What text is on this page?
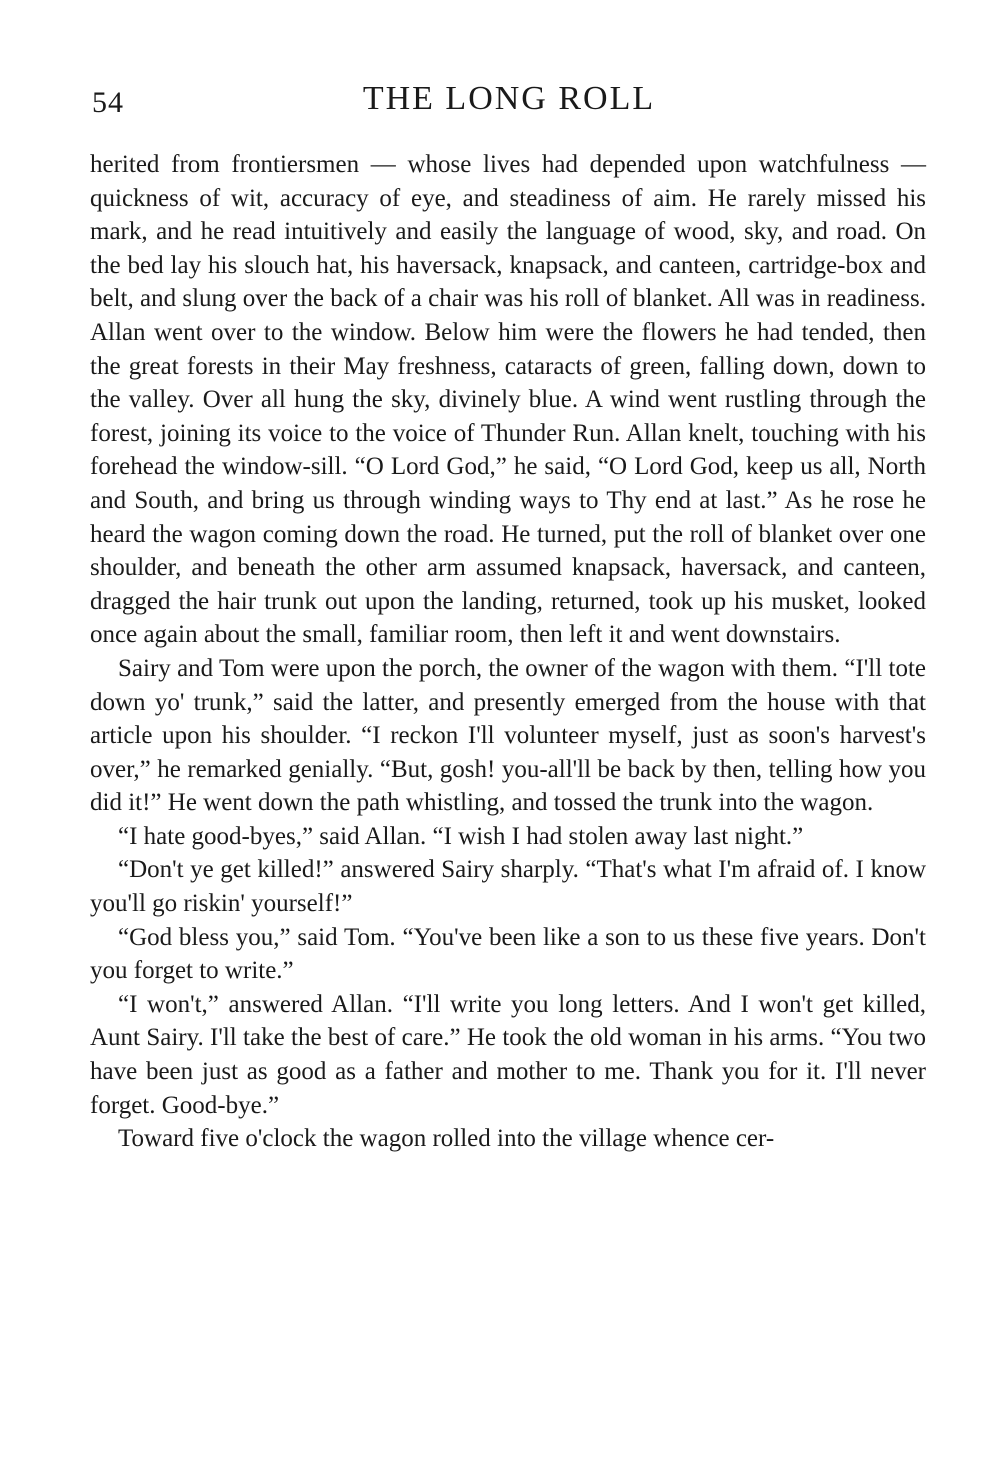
54	THE LONG ROLL

herited from frontiersmen — whose lives had depended upon watchfulness — quickness of wit, accuracy of eye, and steadiness of aim. He rarely missed his mark, and he read intuitively and easily the language of wood, sky, and road. On the bed lay his slouch hat, his haversack, knapsack, and canteen, cartridge-box and belt, and slung over the back of a chair was his roll of blanket. All was in readiness. Allan went over to the window. Below him were the flowers he had tended, then the great forests in their May freshness, cataracts of green, falling down, down to the valley. Over all hung the sky, divinely blue. A wind went rustling through the forest, joining its voice to the voice of Thunder Run. Allan knelt, touching with his forehead the window-sill. “O Lord God,” he said, “O Lord God, keep us all, North and South, and bring us through winding ways to Thy end at last.” As he rose he heard the wagon coming down the road. He turned, put the roll of blanket over one shoulder, and beneath the other arm assumed knapsack, haversack, and canteen, dragged the hair trunk out upon the landing, returned, took up his musket, looked once again about the small, familiar room, then left it and went downstairs.

Sairy and Tom were upon the porch, the owner of the wagon with them. “I'll tote down yo' trunk,” said the latter, and presently emerged from the house with that article upon his shoulder. “I reckon I'll volunteer myself, just as soon's harvest's over,” he remarked genially. “But, gosh! you-all'll be back by then, telling how you did it!” He went down the path whistling, and tossed the trunk into the wagon.

“I hate good-byes,” said Allan. “I wish I had stolen away last night.”

“Don't ye get killed!” answered Sairy sharply. “That's what I'm afraid of. I know you'll go riskin' yourself!”

“God bless you,” said Tom. “You've been like a son to us these five years. Don't you forget to write.”

“I won't,” answered Allan. “I'll write you long letters. And I won't get killed, Aunt Sairy. I'll take the best of care.” He took the old woman in his arms. “You two have been just as good as a father and mother to me. Thank you for it. I'll never forget. Good-bye.”

Toward five o'clock the wagon rolled into the village whence cer-
